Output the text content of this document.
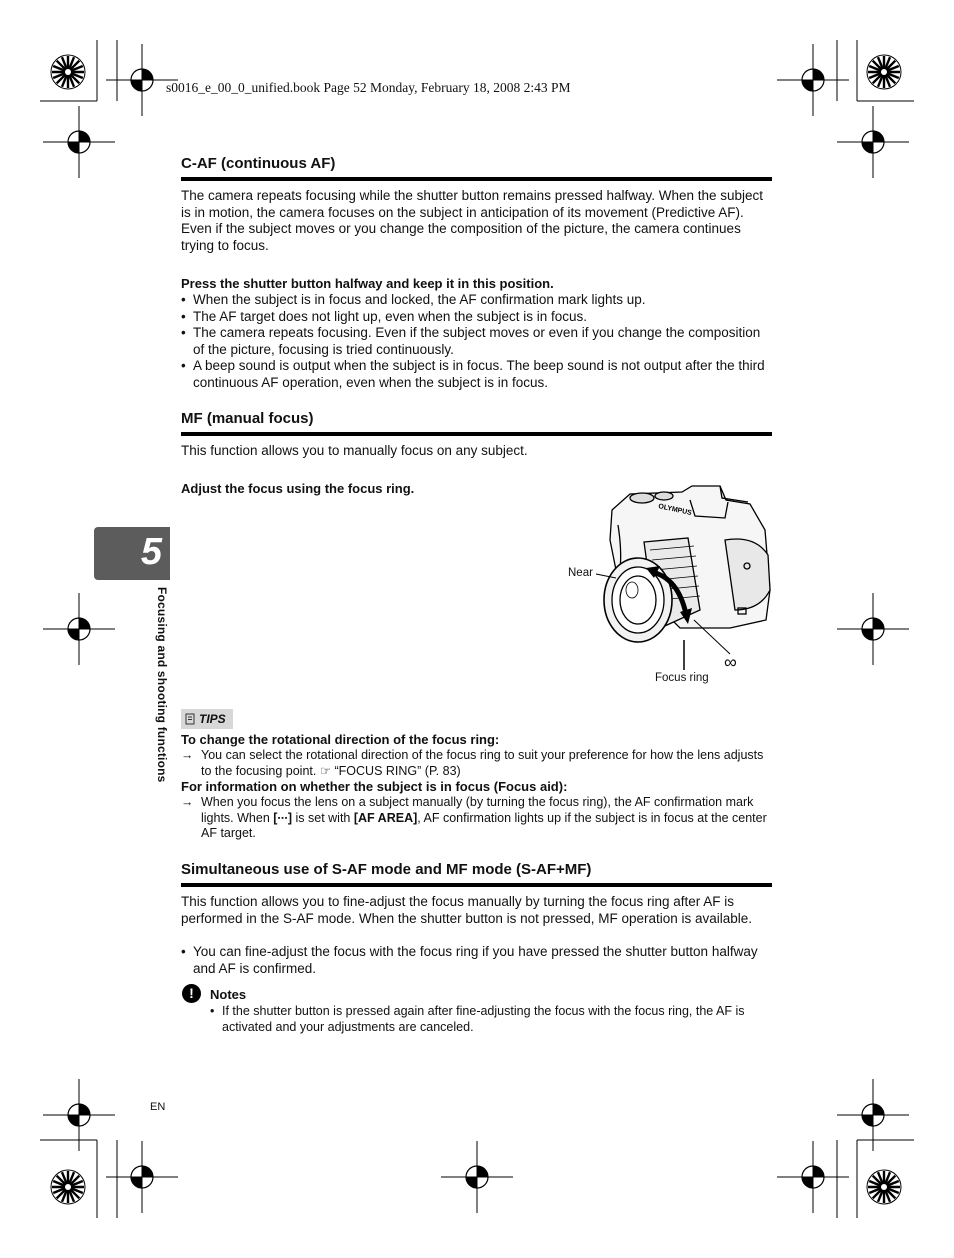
s0016_e_00_0_unified.book Page 52 Monday, February 18, 2008 2:43 PM
C-AF (continuous AF)
The camera repeats focusing while the shutter button remains pressed halfway. When the subject is in motion, the camera focuses on the subject in anticipation of its movement (Predictive AF). Even if the subject moves or you change the composition of the picture, the camera continues trying to focus.
Press the shutter button halfway and keep it in this position.
• When the subject is in focus and locked, the AF confirmation mark lights up.
• The AF target does not light up, even when the subject is in focus.
• The camera repeats focusing. Even if the subject moves or even if you change the composition of the picture, focusing is tried continuously.
• A beep sound is output when the subject is in focus. The beep sound is not output after the third continuous AF operation, even when the subject is in focus.
MF (manual focus)
This function allows you to manually focus on any subject.
Adjust the focus using the focus ring.
OLYMPUS
Near
∞
Focus ring
5
Focusing and shooting functions	TIPS
To change the rotational direction of the focus ring:
→ You can select the rotational direction of the focus ring to suit your preference for how the lens adjusts to the focusing point. ☞ “FOCUS RING” (P. 83)
For information on whether the subject is in focus (Focus aid):
→ When you focus the lens on a subject manually (by turning the focus ring), the AF confirmation mark lights. When [∙∙∙] is set with [AF AREA], AF confirmation lights up if the subject is in focus at the center AF target.
Simultaneous use of S-AF mode and MF mode (S-AF+MF)
This function allows you to fine-adjust the focus manually by turning the focus ring after AF is performed in the S-AF mode. When the shutter button is not pressed, MF operation is available.
• You can fine-adjust the focus with the focus ring if you have pressed the shutter button halfway and AF is confirmed.
!	Notes
• If the shutter button is pressed again after fine-adjusting the focus with the focus ring, the AF is activated and your adjustments are canceled.
EN
